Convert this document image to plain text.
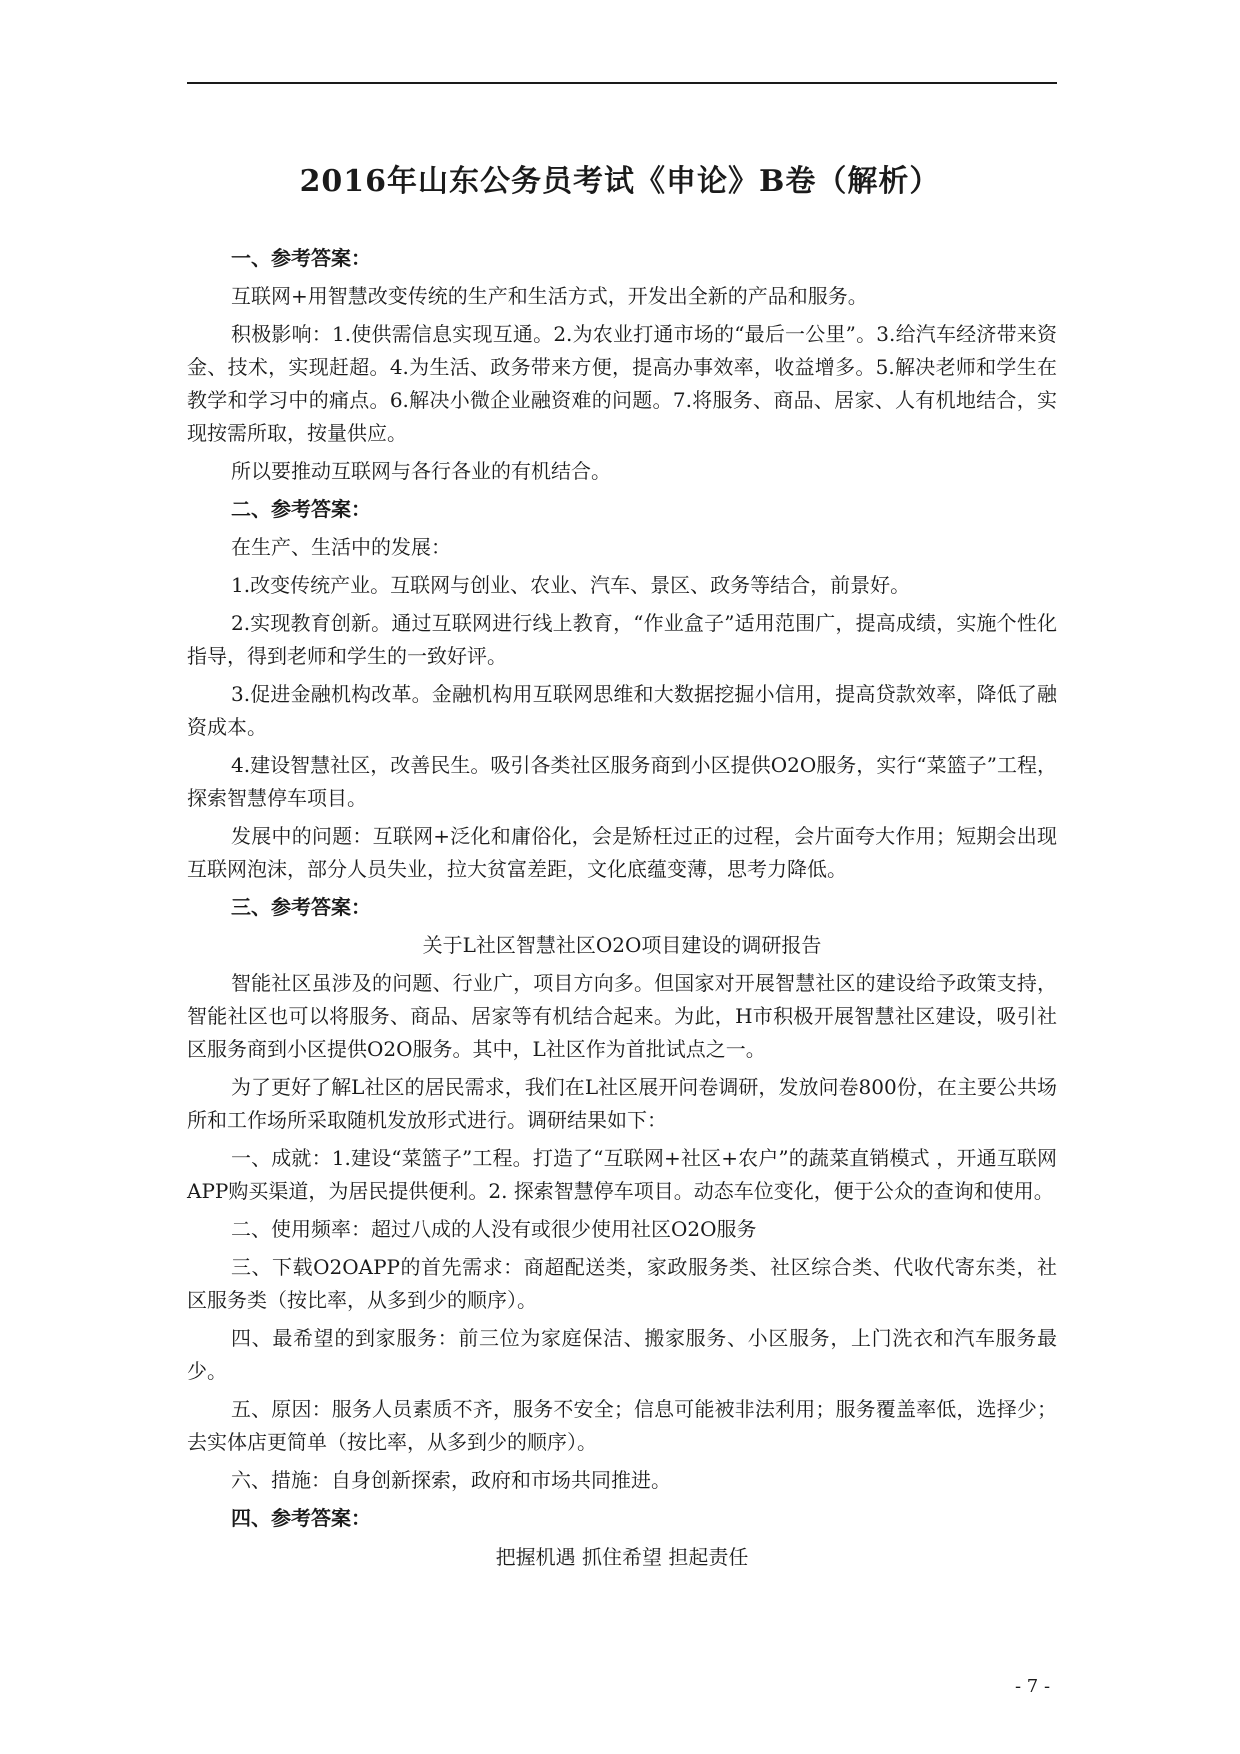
2016年山东公务员考试《申论》B卷（解析）

一、参考答案：

互联网+用智慧改变传统的生产和生活方式，开发出全新的产品和服务。

积极影响：1.使供需信息实现互通。2.为农业打通市场的“最后一公里”。3.给汽车经济带来资金、技术，实现赶超。4.为生活、政务带来方便，提高办事效率，收益增多。5.解决老师和学生在教学和学习中的痛点。6.解决小微企业融资难的问题。7.将服务、商品、居家、人有机地结合，实现按需所取，按量供应。

所以要推动互联网与各行各业的有机结合。

二、参考答案：

在生产、生活中的发展：

1.改变传统产业。互联网与创业、农业、汽车、景区、政务等结合，前景好。

2.实现教育创新。通过互联网进行线上教育，“作业盒子”适用范围广，提高成绩，实施个性化指导，得到老师和学生的一致好评。

3.促进金融机构改革。金融机构用互联网思维和大数据挖掘小信用，提高贷款效率，降低了融资成本。

4.建设智慧社区，改善民生。吸引各类社区服务商到小区提供O2O服务，实行“菜篮子”工程，探索智慧停车项目。

发展中的问题：互联网+泛化和庸俗化，会是矫枉过正的过程，会片面夸大作用；短期会出现互联网泡沫，部分人员失业，拉大贫富差距，文化底蕴变薄，思考力降低。

三、参考答案：

关于L社区智慧社区O2O项目建设的调研报告

智能社区虽涉及的问题、行业广，项目方向多。但国家对开展智慧社区的建设给予政策支持，智能社区也可以将服务、商品、居家等有机结合起来。为此，H市积极开展智慧社区建设，吸引社区服务商到小区提供O2O服务。其中，L社区作为首批试点之一。

为了更好了解L社区的居民需求，我们在L社区展开问卷调研，发放问卷800份，在主要公共场所和工作场所采取随机发放形式进行。调研结果如下：

一、成就：1.建设“菜篮子”工程。打造了“互联网+社区+农户”的蔬菜直销模式 ，开通互联网APP购买渠道，为居民提供便利。2. 探索智慧停车项目。动态车位变化，便于公众的查询和使用。

二、使用频率：超过八成的人没有或很少使用社区O2O服务

三、下载O2OAPP的首先需求：商超配送类，家政服务类、社区综合类、代收代寄东类，社区服务类（按比率，从多到少的顺序）。

四、最希望的到家服务：前三位为家庭保洁、搬家服务、小区服务，上门洗衣和汽车服务最少。

五、原因：服务人员素质不齐，服务不安全；信息可能被非法利用；服务覆盖率低，选择少；去实体店更简单（按比率，从多到少的顺序）。

六、措施：自身创新探索，政府和市场共同推进。

四、参考答案：

把握机遇 抓住希望 担起责任

- 7 -
